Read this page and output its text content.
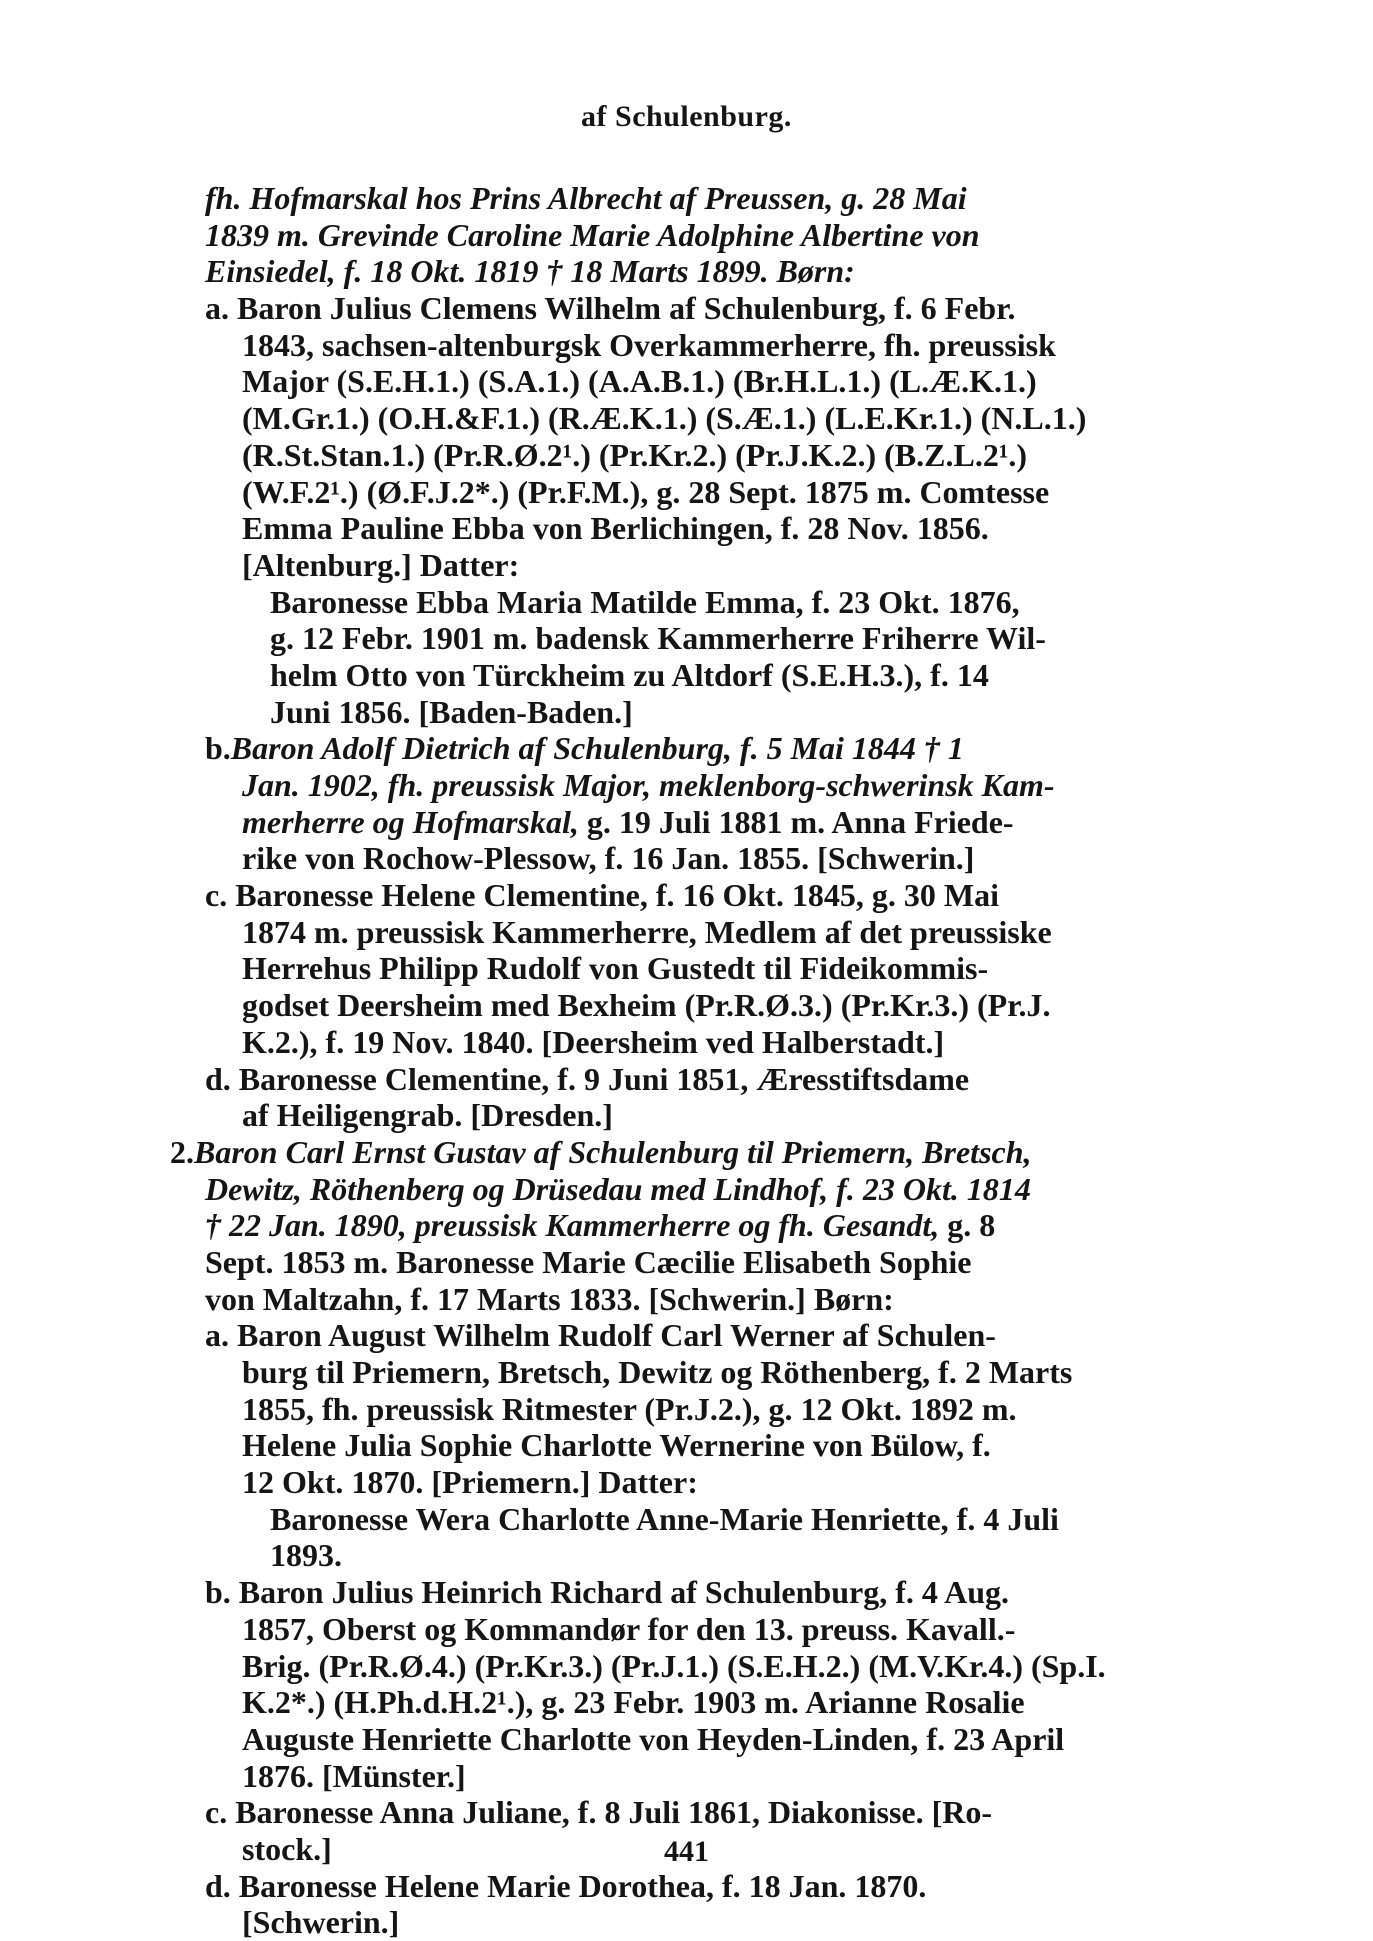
af Schulenburg.
fh. Hofmarskal hos Prins Albrecht af Preussen, g. 28 Mai
1839 m. Grevinde Caroline Marie Adolphine Albertine von
Einsiedel, f. 18 Okt. 1819 † 18 Marts 1899. Børn:
a. Baron Julius Clemens Wilhelm af Schulenburg, f. 6 Febr.
1843, sachsen-altenburgsk Overkammerherre, fh. preussisk
Major (S.E.H.1.) (S.A.1.) (A.A.B.1.) (Br.H.L.1.) (L.Æ.K.1.)
(M.Gr.1.) (O.H.&F.1.) (R.Æ.K.1.) (S.Æ.1.) (L.E.Kr.1.) (N.L.1.)
(R.St.Stan.1.) (Pr.R.Ø.2¹.) (Pr.Kr.2.) (Pr.J.K.2.) (B.Z.L.2¹.)
(W.F.2¹.) (Ø.F.J.2*.) (Pr.F.M.), g. 28 Sept. 1875 m. Comtesse
Emma Pauline Ebba von Berlichingen, f. 28 Nov. 1856.
[Altenburg.] Datter:
Baronesse Ebba Maria Matilde Emma, f. 23 Okt. 1876,
g. 12 Febr. 1901 m. badensk Kammerherre Friherre Wil-
helm Otto von Türckheim zu Altdorf (S.E.H.3.), f. 14
Juni 1856. [Baden-Baden.]
b.Baron Adolf Dietrich af Schulenburg, f. 5 Mai 1844 † 1
Jan. 1902, fh. preussisk Major, meklenborg-schwerinsk Kam-
merherre og Hofmarskal, g. 19 Juli 1881 m. Anna Friede-
rike von Rochow-Plessow, f. 16 Jan. 1855. [Schwerin.]
c. Baronesse Helene Clementine, f. 16 Okt. 1845, g. 30 Mai
1874 m. preussisk Kammerherre, Medlem af det preussiske
Herrehus Philipp Rudolf von Gustedt til Fideikommis-
godset Deersheim med Bexheim (Pr.R.Ø.3.) (Pr.Kr.3.) (Pr.J.
K.2.), f. 19 Nov. 1840. [Deersheim ved Halberstadt.]
d. Baronesse Clementine, f. 9 Juni 1851, Æresstiftsdame
af Heiligengrab. [Dresden.]
2.Baron Carl Ernst Gustav af Schulenburg til Priemern, Bretsch,
Dewitz, Röthenberg og Drüsedau med Lindhof, f. 23 Okt. 1814
† 22 Jan. 1890, preussisk Kammerherre og fh. Gesandt, g. 8
Sept. 1853 m. Baronesse Marie Cæcilie Elisabeth Sophie
von Maltzahn, f. 17 Marts 1833. [Schwerin.] Børn:
a. Baron August Wilhelm Rudolf Carl Werner af Schulen-
burg til Priemern, Bretsch, Dewitz og Röthenberg, f. 2 Marts
1855, fh. preussisk Ritmester (Pr.J.2.), g. 12 Okt. 1892 m.
Helene Julia Sophie Charlotte Wernerine von Bülow, f.
12 Okt. 1870. [Priemern.] Datter:
Baronesse Wera Charlotte Anne-Marie Henriette, f. 4 Juli
1893.
b. Baron Julius Heinrich Richard af Schulenburg, f. 4 Aug.
1857, Oberst og Kommandør for den 13. preuss. Kavall.-
Brig. (Pr.R.Ø.4.) (Pr.Kr.3.) (Pr.J.1.) (S.E.H.2.) (M.V.Kr.4.) (Sp.I.
K.2*.) (H.Ph.d.H.2¹.), g. 23 Febr. 1903 m. Arianne Rosalie
Auguste Henriette Charlotte von Heyden-Linden, f. 23 April
1876. [Münster.]
c. Baronesse Anna Juliane, f. 8 Juli 1861, Diakonisse. [Ro-
stock.]
d. Baronesse Helene Marie Dorothea, f. 18 Jan. 1870.
[Schwerin.]
441
